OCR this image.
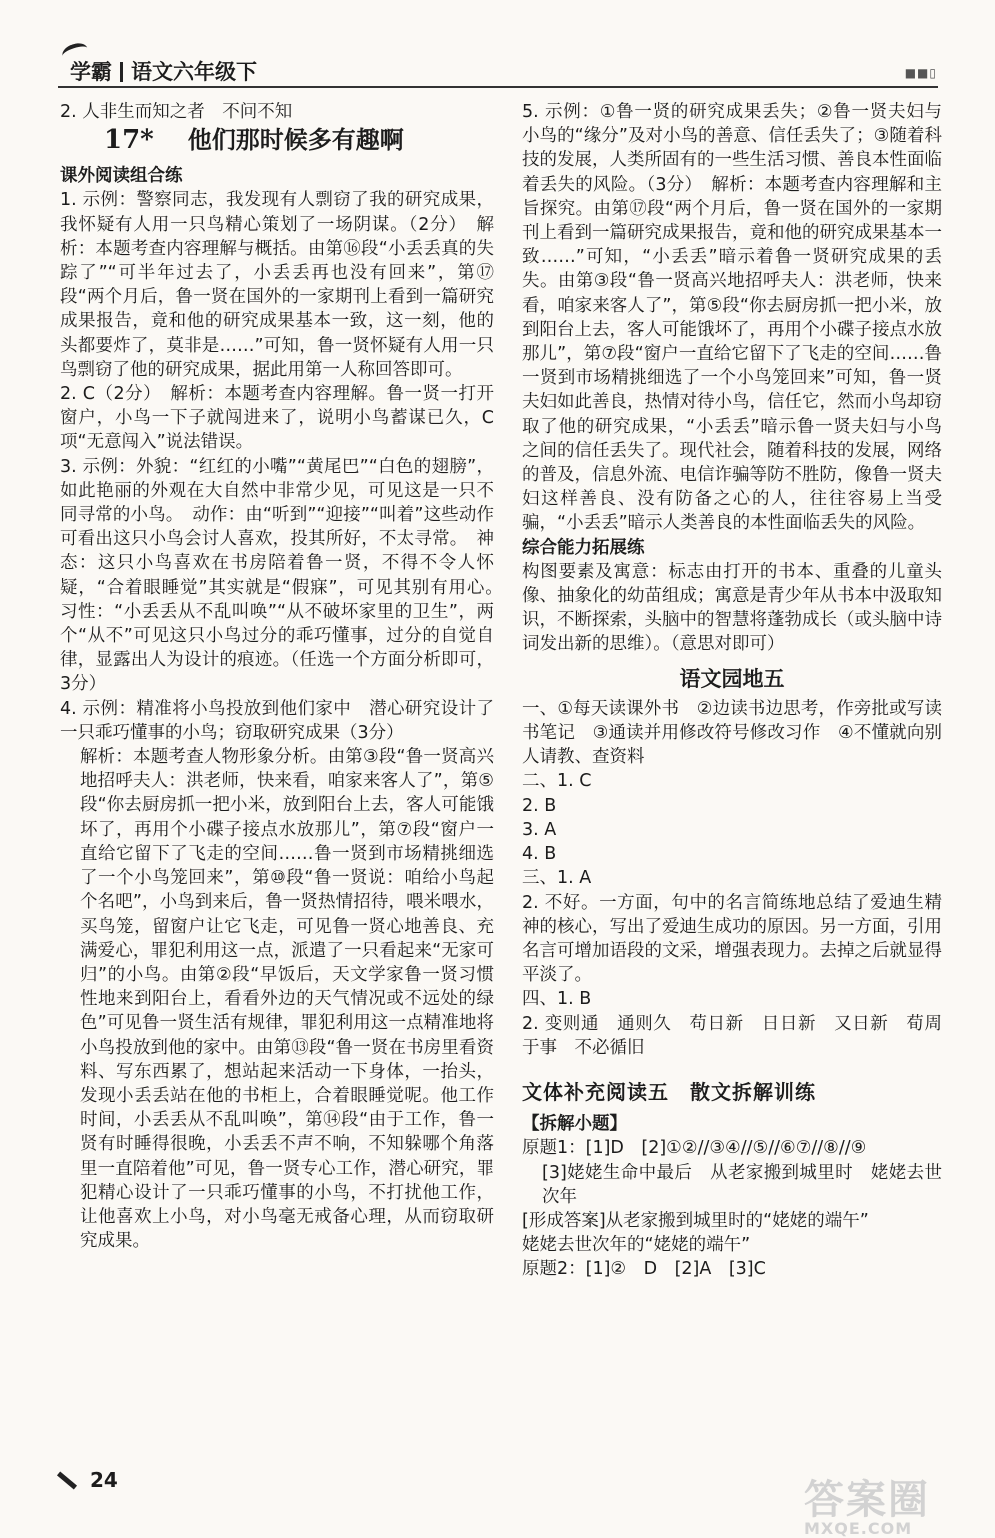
学霸 语文六年级下	■■▯

2. 人非生而知之者　不问不知

17* 他们那时候多有趣啊

课外阅读组合练

1. 示例：警察同志，我发现有人剽窃了我的研究成果，我怀疑有人用一只鸟精心策划了一场阴谋。（2分）　解析：本题考查内容理解与概括。由第⑯段“小丢丢真的失踪了”“可半年过去了，小丢丢再也没有回来”，第⑰段“两个月后，鲁一贤在国外的一家期刊上看到一篇研究成果报告，竟和他的研究成果基本一致，这一刻，他的头都要炸了，莫非是……”可知，鲁一贤怀疑有人用一只鸟剽窃了他的研究成果，据此用第一人称回答即可。

2. C（2分）　解析：本题考查内容理解。鲁一贤一打开窗户，小鸟一下子就闯进来了，说明小鸟蓄谋已久，C项“无意闯入”说法错误。

3. 示例：外貌：“红红的小嘴”“黄尾巴”“白色的翅膀”，如此艳丽的外观在大自然中非常少见，可见这是一只不同寻常的小鸟。　动作：由“听到”“迎接”“叫着”这些动作可看出这只小鸟会讨人喜欢，投其所好，不太寻常。　神态：这只小鸟喜欢在书房陪着鲁一贤，不得不令人怀疑，“合着眼睡觉”其实就是“假寐”，可见其别有用心。　习性：“小丢丢从不乱叫唤”“从不破坏家里的卫生”，两个“从不”可见这只小鸟过分的乖巧懂事，过分的自觉自律，显露出人为设计的痕迹。（任选一个方面分析即可，3分）

4. 示例：精准将小鸟投放到他们家中　潜心研究设计了一只乖巧懂事的小鸟；窃取研究成果（3分）

解析：本题考查人物形象分析。由第③段“鲁一贤高兴地招呼夫人：洪老师，快来看，咱家来客人了”，第⑤段“你去厨房抓一把小米，放到阳台上去，客人可能饿坏了，再用个小碟子接点水放那儿”，第⑦段“窗户一直给它留下了飞走的空间……鲁一贤到市场精挑细选了一个小鸟笼回来”，第⑩段“鲁一贤说：咱给小鸟起个名吧”，小鸟到来后，鲁一贤热情招待，喂米喂水，买鸟笼，留窗户让它飞走，可见鲁一贤心地善良、充满爱心，罪犯利用这一点，派遣了一只看起来“无家可归”的小鸟。由第②段“早饭后，天文学家鲁一贤习惯性地来到阳台上，看看外边的天气情况或不远处的绿色”可见鲁一贤生活有规律，罪犯利用这一点精准地将小鸟投放到他的家中。由第⑬段“鲁一贤在书房里看资料、写东西累了，想站起来活动一下身体，一抬头，发现小丢丢站在他的书柜上，合着眼睡觉呢。他工作时间，小丢丢从不乱叫唤”，第⑭段“由于工作，鲁一贤有时睡得很晚，小丢丢不声不响，不知躲哪个角落里一直陪着他”可见，鲁一贤专心工作，潜心研究，罪犯精心设计了一只乖巧懂事的小鸟，不打扰他工作，让他喜欢上小鸟，对小鸟毫无戒备心理，从而窃取研究成果。

5. 示例：①鲁一贤的研究成果丢失；②鲁一贤夫妇与小鸟的“缘分”及对小鸟的善意、信任丢失了；③随着科技的发展，人类所固有的一些生活习惯、善良本性面临着丢失的风险。（3分）　解析：本题考查内容理解和主旨探究。由第⑰段“两个月后，鲁一贤在国外的一家期刊上看到一篇研究成果报告，竟和他的研究成果基本一致……”可知，“小丢丢”暗示着鲁一贤研究成果的丢失。由第③段“鲁一贤高兴地招呼夫人：洪老师，快来看，咱家来客人了”，第⑤段“你去厨房抓一把小米，放到阳台上去，客人可能饿坏了，再用个小碟子接点水放那儿”，第⑦段“窗户一直给它留下了飞走的空间……鲁一贤到市场精挑细选了一个小鸟笼回来”可知，鲁一贤夫妇如此善良，热情对待小鸟，信任它，然而小鸟却窃取了他的研究成果，“小丢丢”暗示鲁一贤夫妇与小鸟之间的信任丢失了。现代社会，随着科技的发展，网络的普及，信息外流、电信诈骗等防不胜防，像鲁一贤夫妇这样善良、没有防备之心的人，往往容易上当受骗，“小丢丢”暗示人类善良的本性面临丢失的风险。

综合能力拓展练

构图要素及寓意：标志由打开的书本、重叠的儿童头像、抽象化的幼苗组成；寓意是青少年从书本中汲取知识，不断探索，头脑中的智慧将蓬勃成长（或头脑中诗词发出新的思维）。（意思对即可）

语文园地五

一、①每天读课外书　②边读书边思考，作旁批或写读书笔记　③通读并用修改符号修改习作　④不懂就向别人请教、查资料

二、1. C

2. B

3. A

4. B

三、1. A

2. 不好。一方面，句中的名言简练地总结了爱迪生精神的核心，写出了爱迪生成功的原因。另一方面，引用名言可增加语段的文采，增强表现力。去掉之后就显得平淡了。

四、1. B

2. 变则通　通则久　苟日新　日日新　又日新　荀周于事　不必循旧

文体补充阅读五　散文拆解训练

【拆解小题】

原题1：[1]D　[2]①②//③④//⑤//⑥⑦//⑧//⑨

[3]姥姥生命中最后　从老家搬到城里时　姥姥去世次年

[形成答案]从老家搬到城里时的“姥姥的端午”

姥姥去世次年的“姥姥的端午”

原题2：[1]②　D　[2]A　[3]C

24	答案圈
MXQE.COM
